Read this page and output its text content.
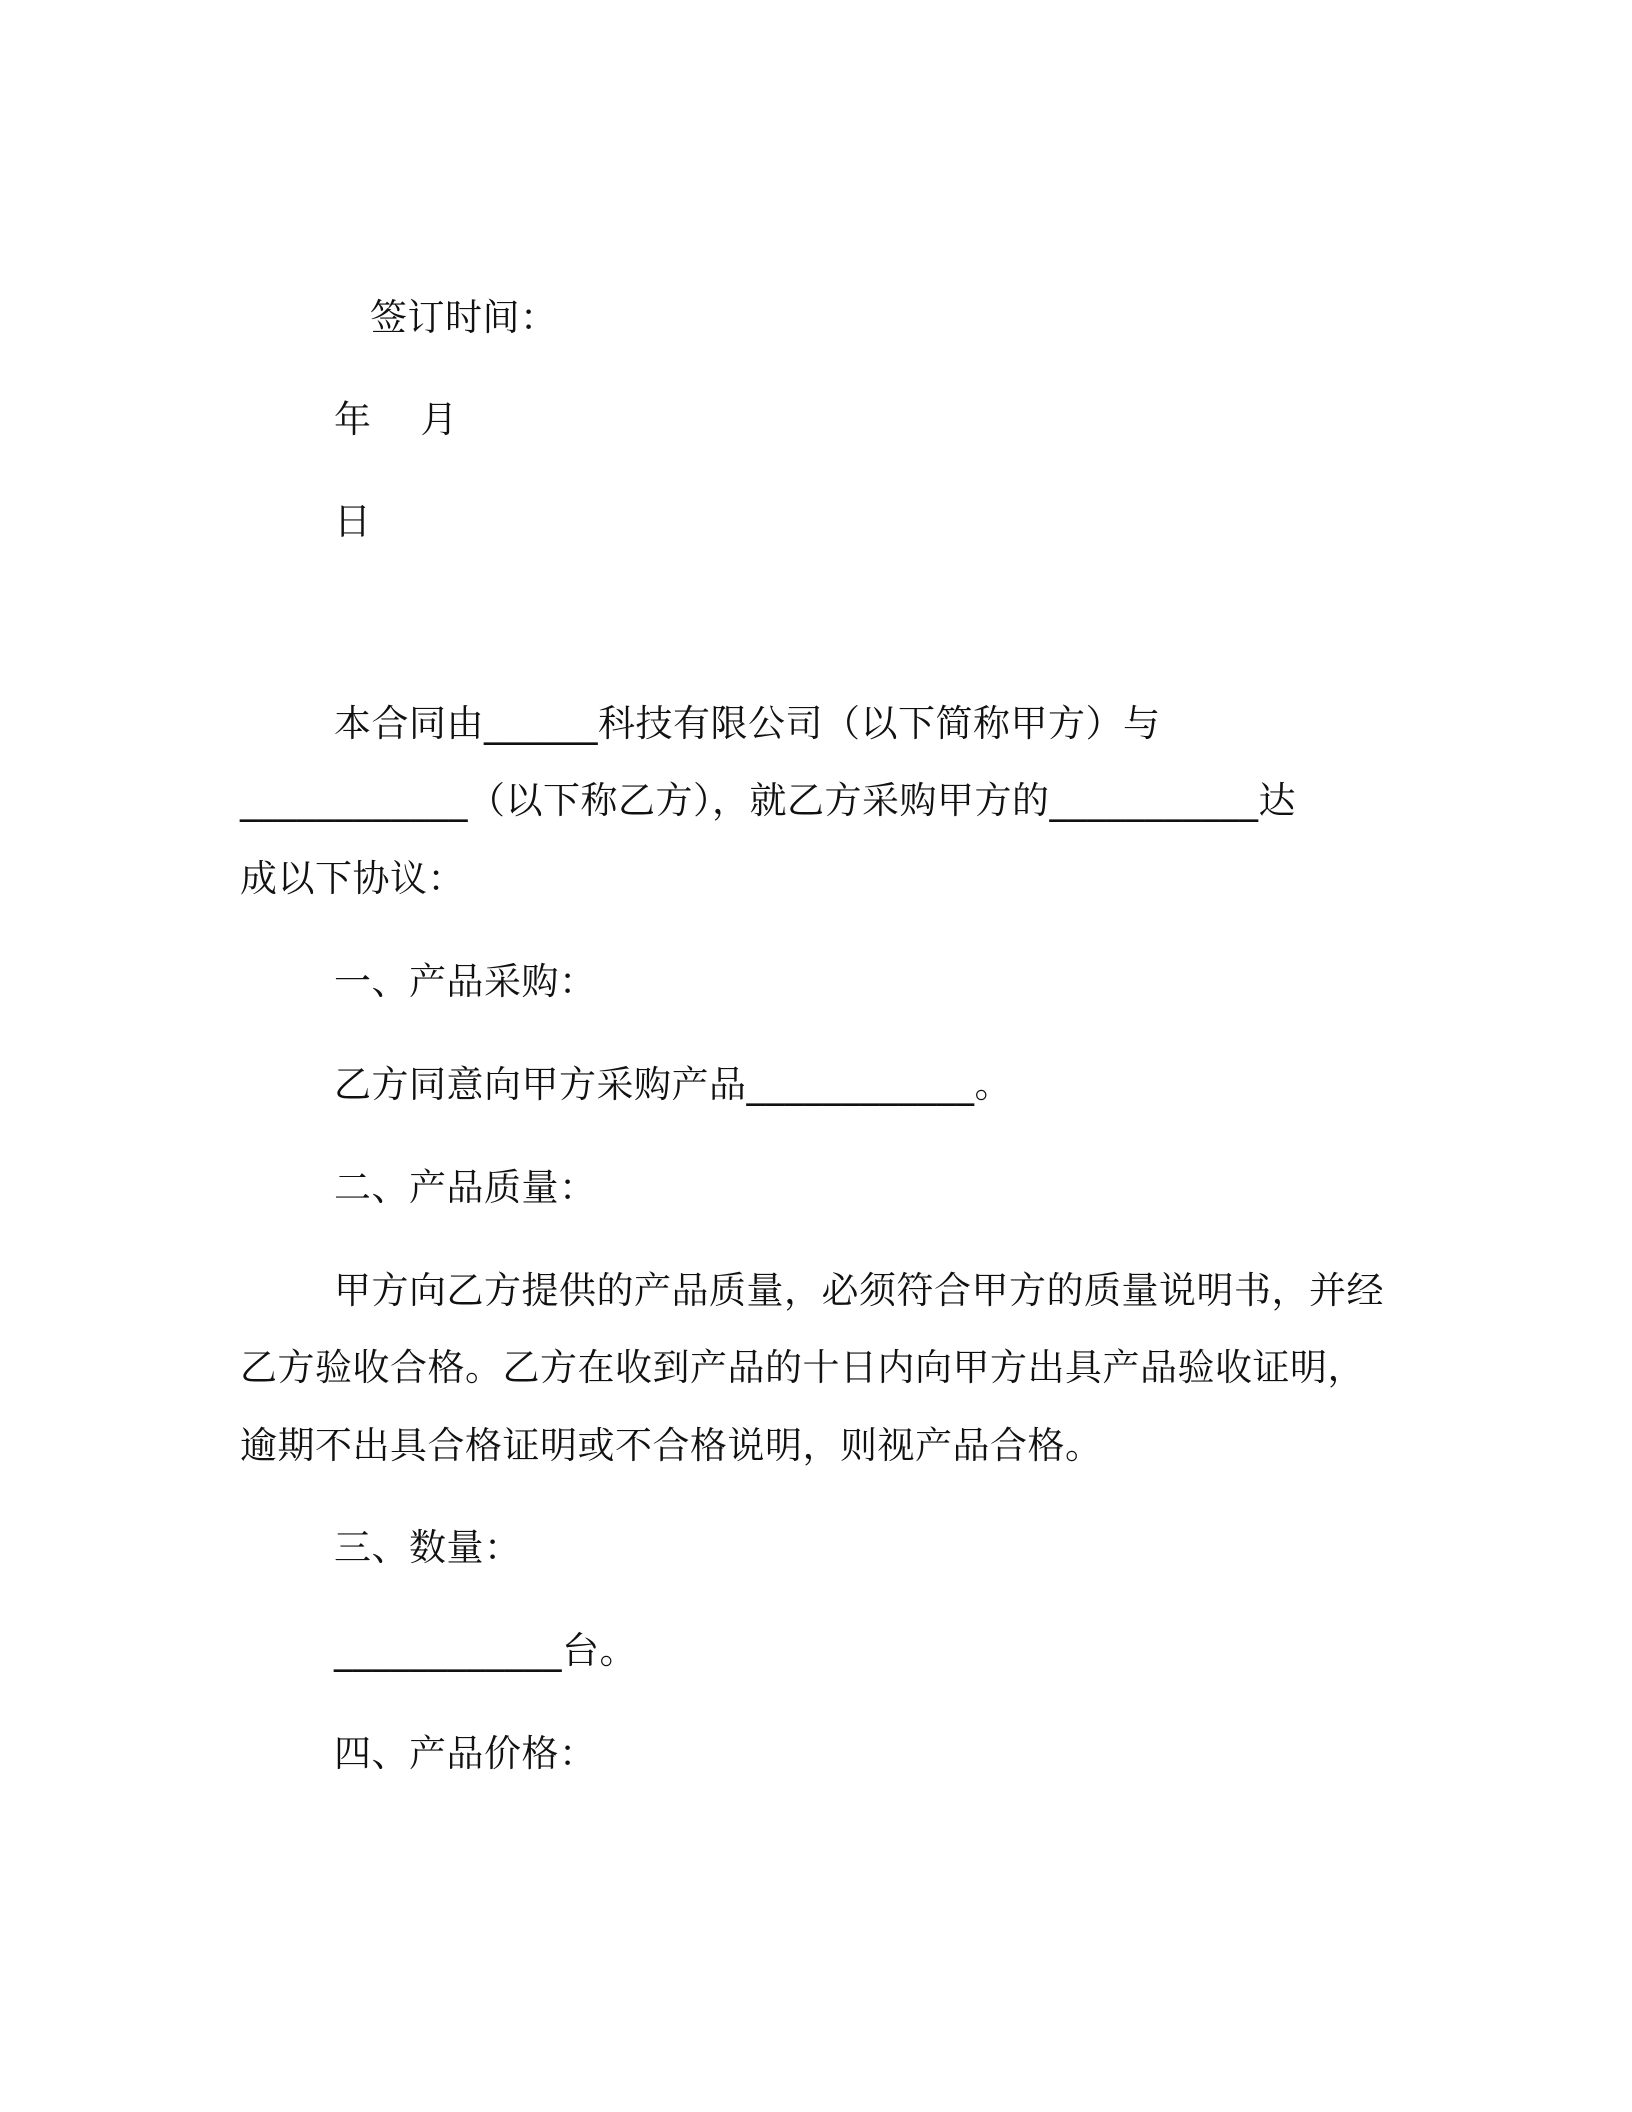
签订时间：
年    月
日
本合同由______科技有限公司（以下简称甲方）与
____________（以下称乙方），就乙方采购甲方的___________达
成以下协议：
一、产品采购：
乙方同意向甲方采购产品____________。
二、产品质量：
甲方向乙方提供的产品质量，必须符合甲方的质量说明书，并经
乙方验收合格。乙方在收到产品的十日内向甲方出具产品验收证明，
逾期不出具合格证明或不合格说明，则视产品合格。
三、数量：
____________台。
四、产品价格：
